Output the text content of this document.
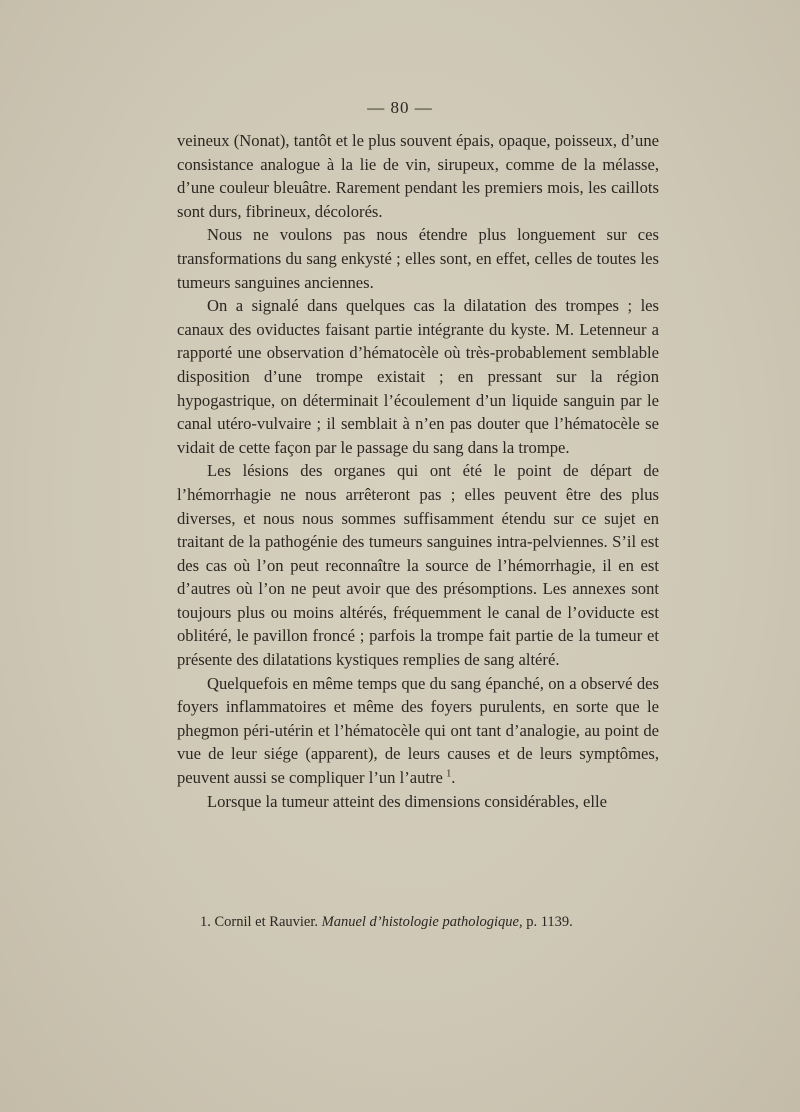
— 80 —

veineux (Nonat), tantôt et le plus souvent épais, opaque, poisseux, d’une consistance analogue à la lie de vin, sirupeux, comme de la mélasse, d’une couleur bleuâtre. Rarement pendant les premiers mois, les caillots sont durs, fibrineux, décolorés.

Nous ne voulons pas nous étendre plus longuement sur ces transformations du sang enkysté ; elles sont, en effet, celles de toutes les tumeurs sanguines anciennes.

On a signalé dans quelques cas la dilatation des trompes ; les canaux des oviductes faisant partie intégrante du kyste. M. Letenneur a rapporté une observation d’hématocèle où très-probablement semblable disposition d’une trompe existait ; en pressant sur la région hypogastrique, on déterminait l’écoulement d’un liquide sanguin par le canal utéro-vulvaire ; il semblait à n’en pas douter que l’hématocèle se vidait de cette façon par le passage du sang dans la trompe.

Les lésions des organes qui ont été le point de départ de l’hémorrhagie ne nous arrêteront pas ; elles peuvent être des plus diverses, et nous nous sommes suffisamment étendu sur ce sujet en traitant de la pathogénie des tumeurs sanguines intra-pelviennes. S’il est des cas où l’on peut reconnaître la source de l’hémorrhagie, il en est d’autres où l’on ne peut avoir que des présomptions. Les annexes sont toujours plus ou moins altérés, fréquemment le canal de l’oviducte est oblitéré, le pavillon froncé ; parfois la trompe fait partie de la tumeur et présente des dilatations kystiques remplies de sang altéré.

Quelquefois en même temps que du sang épanché, on a observé des foyers inflammatoires et même des foyers purulents, en sorte que le phegmon péri-utérin et l’hématocèle qui ont tant d’analogie, au point de vue de leur siége (apparent), de leurs causes et de leurs symptômes, peuvent aussi se compliquer l’un l’autre  $^1$.

Lorsque la tumeur atteint des dimensions considérables, elle

1. Cornil et Rauvier. Manuel d’histologie pathologique, p. 1139.
